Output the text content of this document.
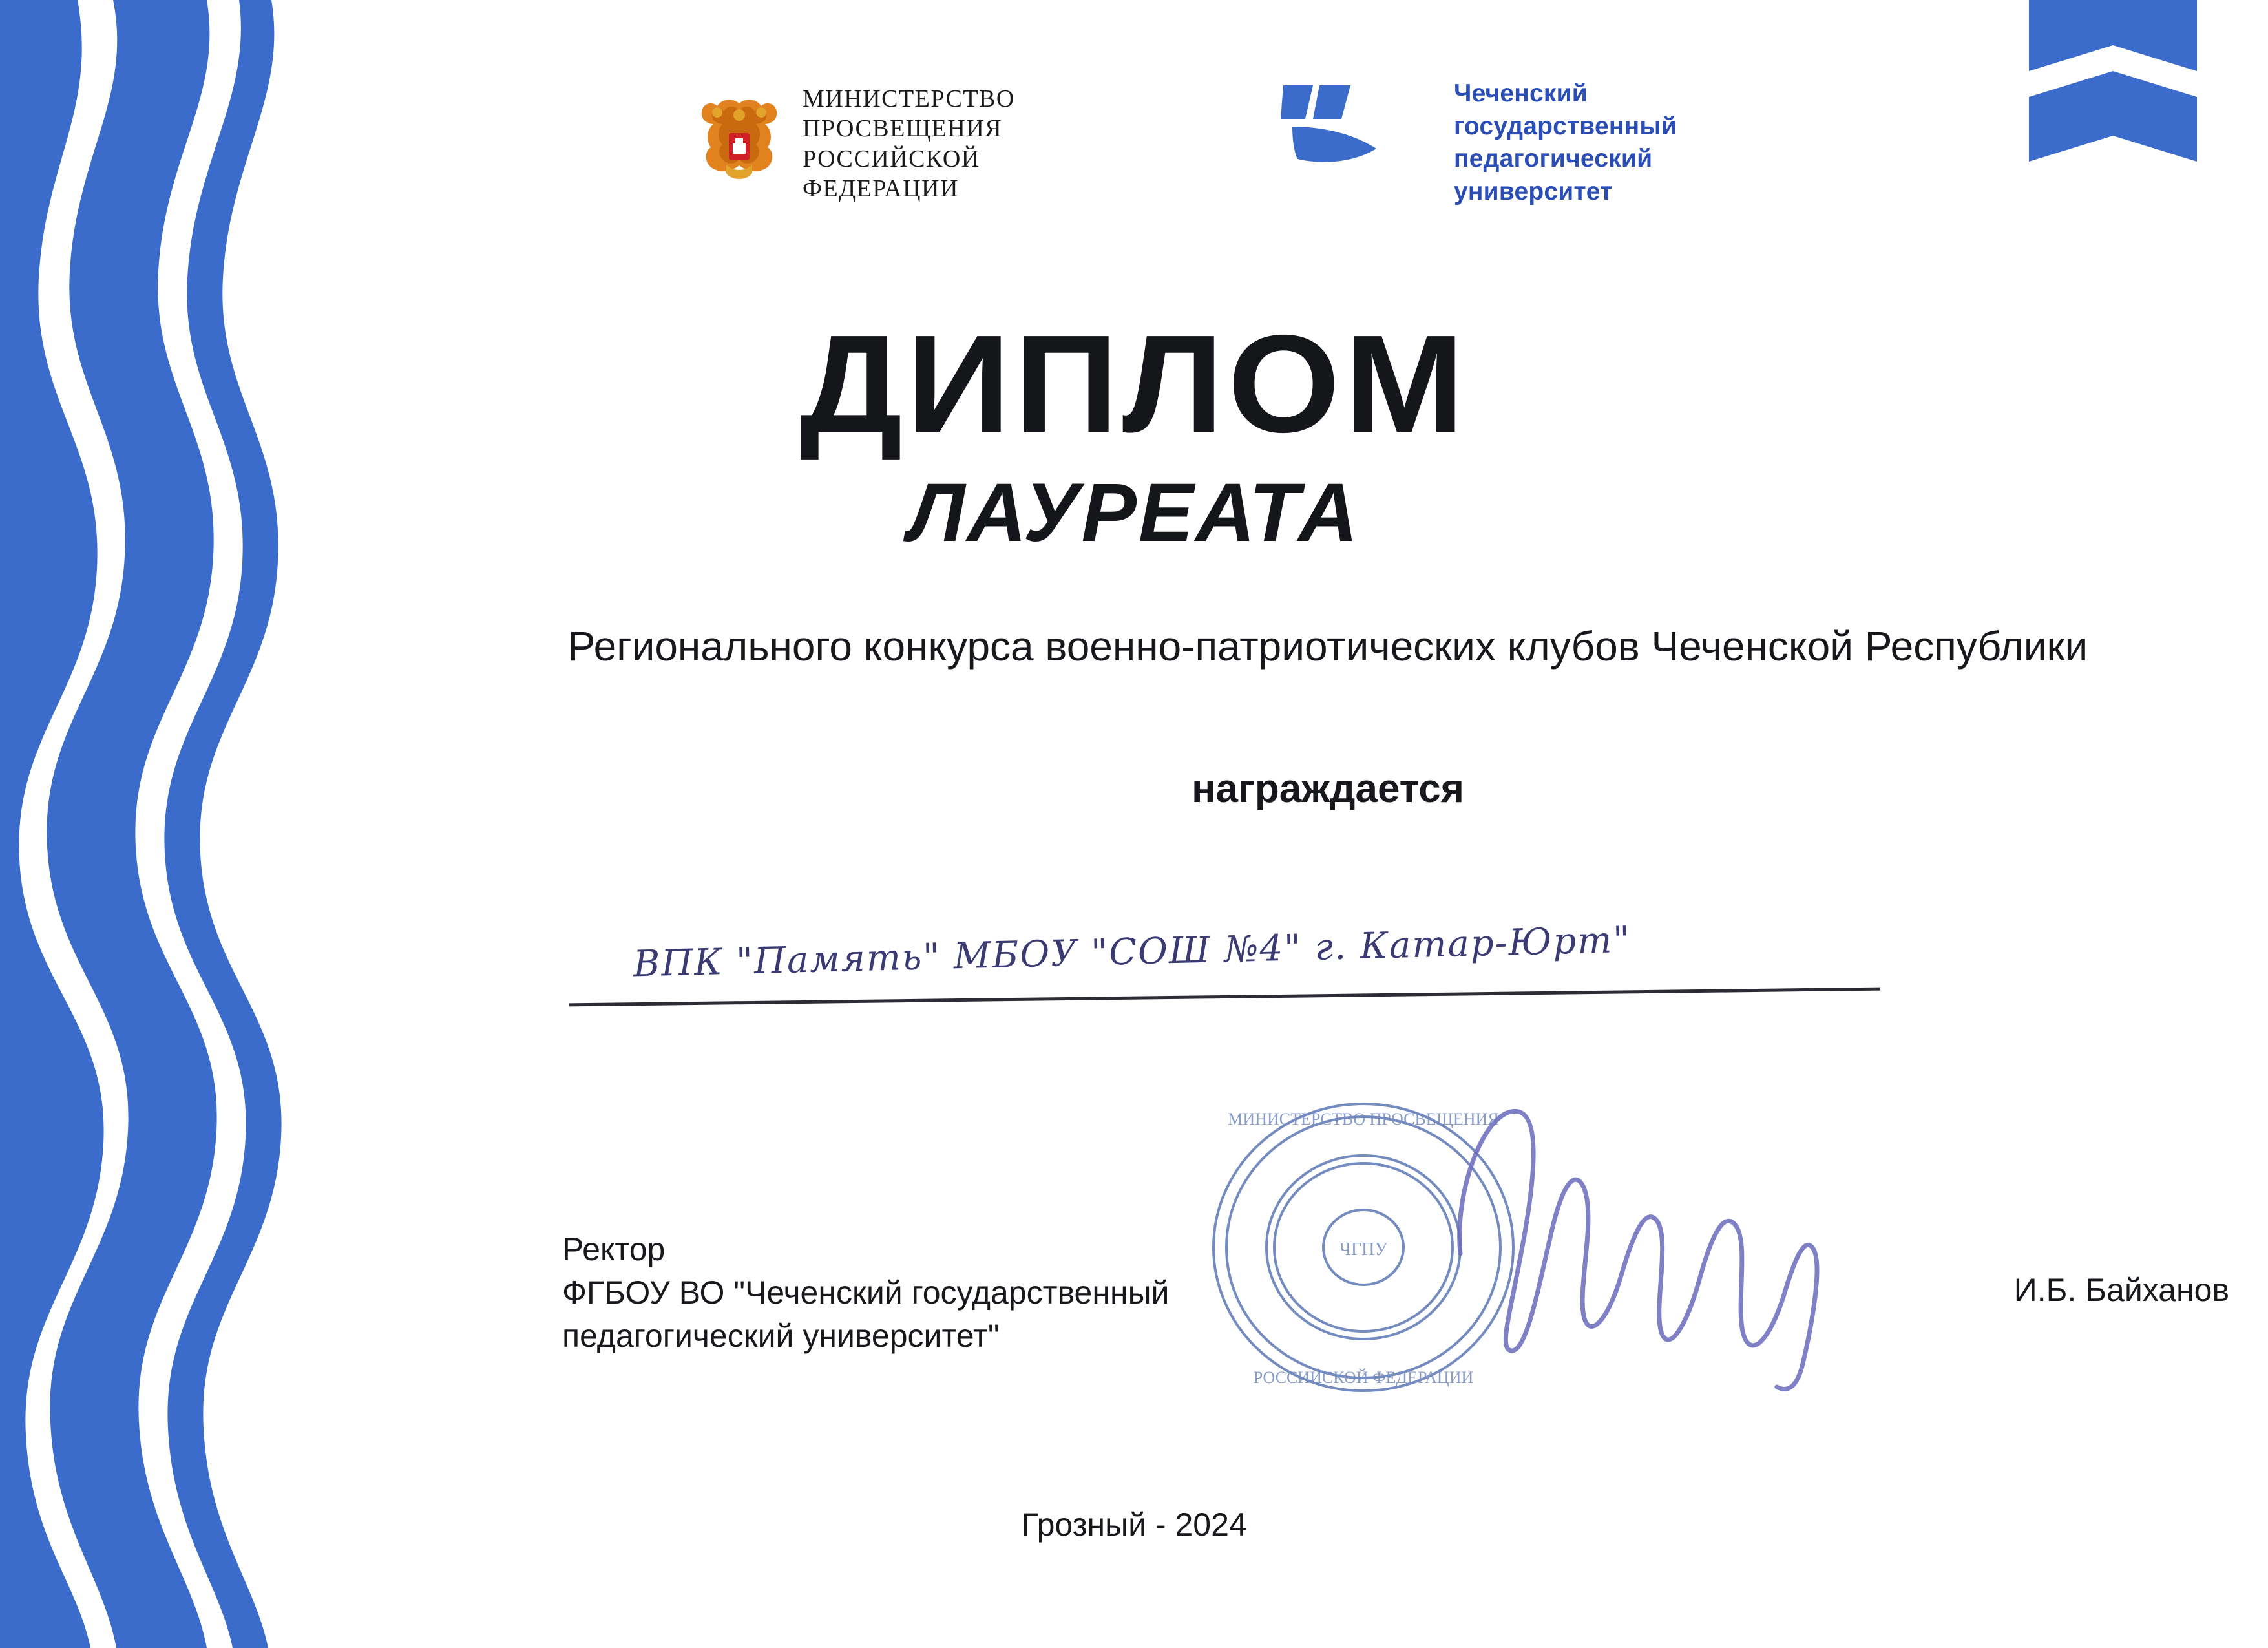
МИНИСТЕРСТВО
ПРОСВЕЩЕНИЯ
РОССИЙСКОЙ
ФЕДЕРАЦИИ
Чеченский
государственный
педагогический
университет
ДИПЛОМ
ЛАУРЕАТА
Регионального конкурса военно-патриотических клубов Чеченской Республики
награждается
ВПК "Память" МБОУ "СОШ №4" г. Катар-Юрт"
МИНИСТЕРСТВО ПРОСВЕЩЕНИЯ
РОССИЙСКОЙ ФЕДЕРАЦИИ
ЧГПУ
Ректор
ФГБОУ ВО "Чеченский государственный
педагогический университет"
И.Б. Байханов
Грозный - 2024
